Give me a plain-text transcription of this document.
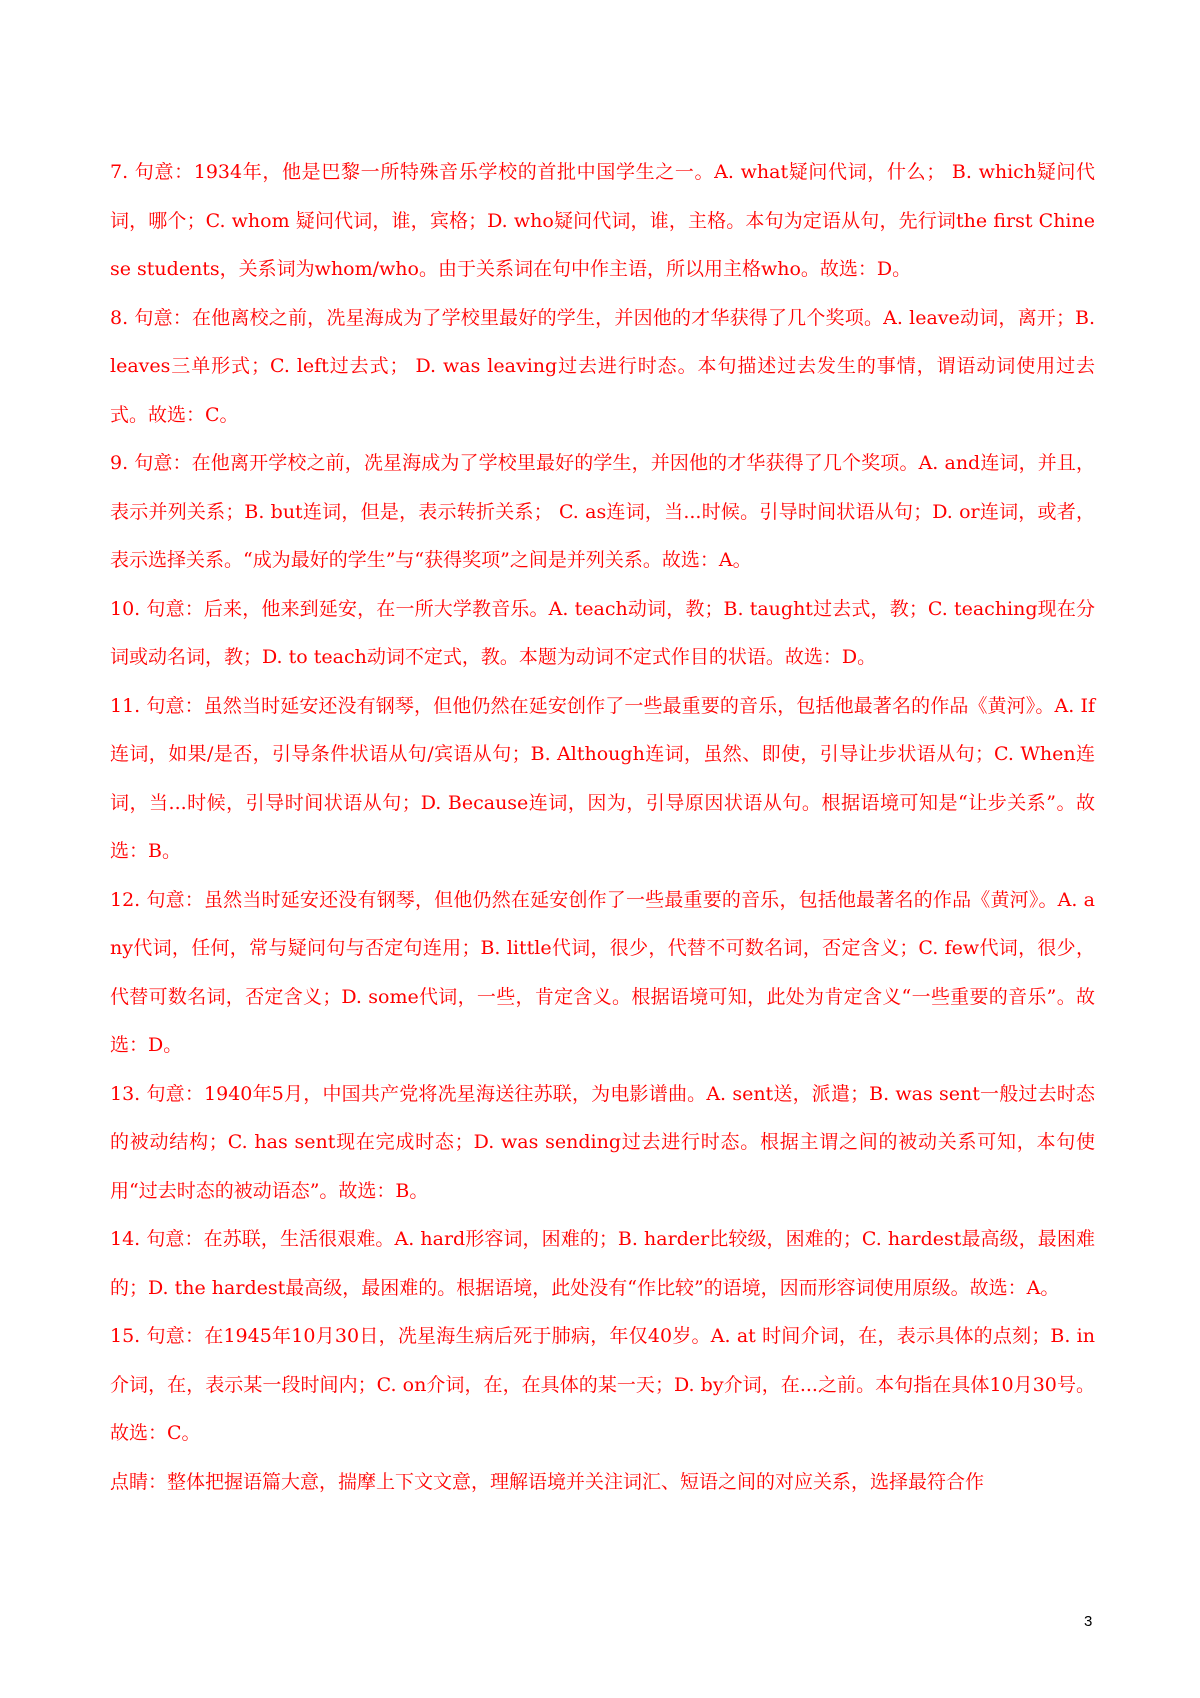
7. 句意：1934年，他是巴黎一所特殊音乐学校的首批中国学生之一。A. what疑问代词，什么； B. which疑问代词，哪个；C. whom 疑问代词，谁，宾格；D. who疑问代词，谁，主格。本句为定语从句，先行词the first Chinese students，关系词为whom/who。由于关系词在句中作主语，所以用主格who。故选：D。

8. 句意：在他离校之前，冼星海成为了学校里最好的学生，并因他的才华获得了几个奖项。A. leave动词，离开；B. leaves三单形式；C. left过去式； D. was leaving过去进行时态。本句描述过去发生的事情，谓语动词使用过去式。故选：C。

9. 句意：在他离开学校之前，冼星海成为了学校里最好的学生，并因他的才华获得了几个奖项。A. and连词，并且，表示并列关系；B. but连词，但是，表示转折关系； C. as连词，当...时候。引导时间状语从句；D. or连词，或者，表示选择关系。“成为最好的学生”与“获得奖项”之间是并列关系。故选：A。

10. 句意：后来，他来到延安，在一所大学教音乐。A. teach动词，教；B. taught过去式，教；C. teaching现在分词或动名词，教；D. to teach动词不定式，教。本题为动词不定式作目的状语。故选：D。

11. 句意：虽然当时延安还没有钢琴，但他仍然在延安创作了一些最重要的音乐，包括他最著名的作品《黄河》。A. If 连词，如果/是否，引导条件状语从句/宾语从句；B. Although连词，虽然、即使，引导让步状语从句；C. When连词，当...时候，引导时间状语从句；D. Because连词，因为，引导原因状语从句。根据语境可知是“让步关系”。故选：B。

12. 句意：虽然当时延安还没有钢琴，但他仍然在延安创作了一些最重要的音乐，包括他最著名的作品《黄河》。A. any代词，任何，常与疑问句与否定句连用；B. little代词，很少，代替不可数名词，否定含义；C. few代词，很少，代替可数名词，否定含义；D. some代词，一些，肯定含义。根据语境可知，此处为肯定含义“一些重要的音乐”。故选：D。

13. 句意：1940年5月，中国共产党将冼星海送往苏联，为电影谱曲。A. sent送，派遣；B. was sent一般过去时态的被动结构；C. has sent现在完成时态；D. was sending过去进行时态。根据主谓之间的被动关系可知，本句使用“过去时态的被动语态”。故选：B。

14. 句意：在苏联，生活很艰难。A. hard形容词，困难的；B. harder比较级，困难的；C. hardest最高级，最困难的；D. the hardest最高级，最困难的。根据语境，此处没有“作比较”的语境，因而形容词使用原级。故选：A。

15. 句意：在1945年10月30日，冼星海生病后死于肺病，年仅40岁。A. at 时间介词，在，表示具体的点刻；B. in介词，在，表示某一段时间内；C. on介词，在，在具体的某一天；D. by介词，在...之前。本句指在具体10月30号。故选：C。

点睛：整体把握语篇大意，揣摩上下文文意，理解语境并关注词汇、短语之间的对应关系，选择最符合作

3
